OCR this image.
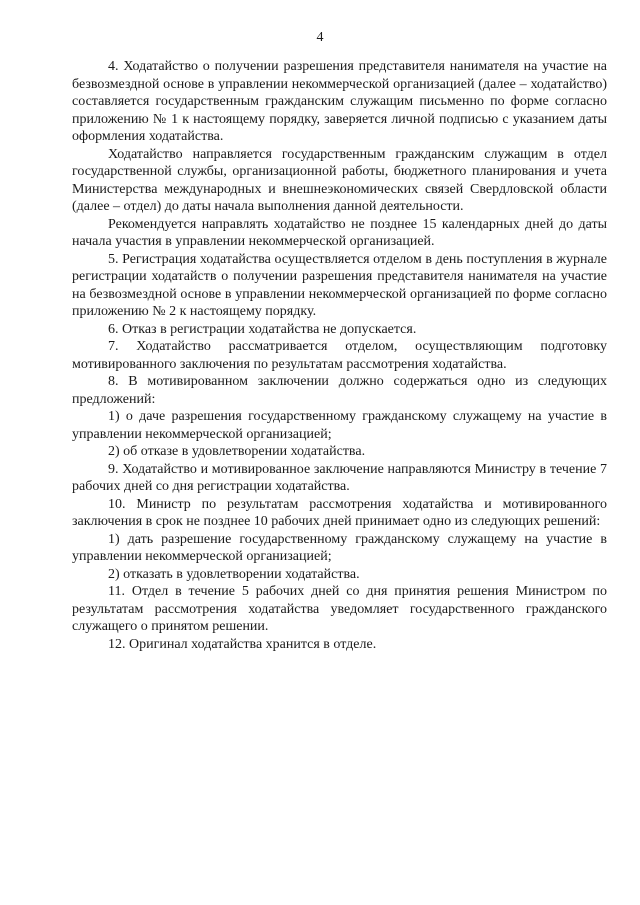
4

4. Ходатайство о получении разрешения представителя нанимателя на участие на безвозмездной основе в управлении некоммерческой организацией (далее – ходатайство) составляется государственным гражданским служащим письменно по форме согласно приложению № 1 к настоящему порядку, заверяется личной подписью с указанием даты оформления ходатайства.

Ходатайство направляется государственным гражданским служащим в отдел государственной службы, организационной работы, бюджетного планирования и учета Министерства международных и внешнеэкономических связей Свердловской области (далее – отдел) до даты начала выполнения данной деятельности.

Рекомендуется направлять ходатайство не позднее 15 календарных дней до даты начала участия в управлении некоммерческой организацией.

5. Регистрация ходатайства осуществляется отделом в день поступления в журнале регистрации ходатайств о получении разрешения представителя нанимателя на участие на безвозмездной основе в управлении некоммерческой организацией по форме согласно приложению № 2 к настоящему порядку.

6. Отказ в регистрации ходатайства не допускается.

7. Ходатайство рассматривается отделом, осуществляющим подготовку мотивированного заключения по результатам рассмотрения ходатайства.

8. В мотивированном заключении должно содержаться одно из следующих предложений:

1) о даче разрешения государственному гражданскому служащему на участие в управлении некоммерческой организацией;

2) об отказе в удовлетворении ходатайства.

9. Ходатайство и мотивированное заключение направляются Министру в течение 7 рабочих дней со дня регистрации ходатайства.

10. Министр по результатам рассмотрения ходатайства и мотивированного заключения в срок не позднее 10 рабочих дней принимает одно из следующих решений:

1) дать разрешение государственному гражданскому служащему на участие в управлении некоммерческой организацией;

2) отказать в удовлетворении ходатайства.

11. Отдел в течение 5 рабочих дней со дня принятия решения Министром по результатам рассмотрения ходатайства уведомляет государственного гражданского служащего о принятом решении.

12. Оригинал ходатайства хранится в отделе.
